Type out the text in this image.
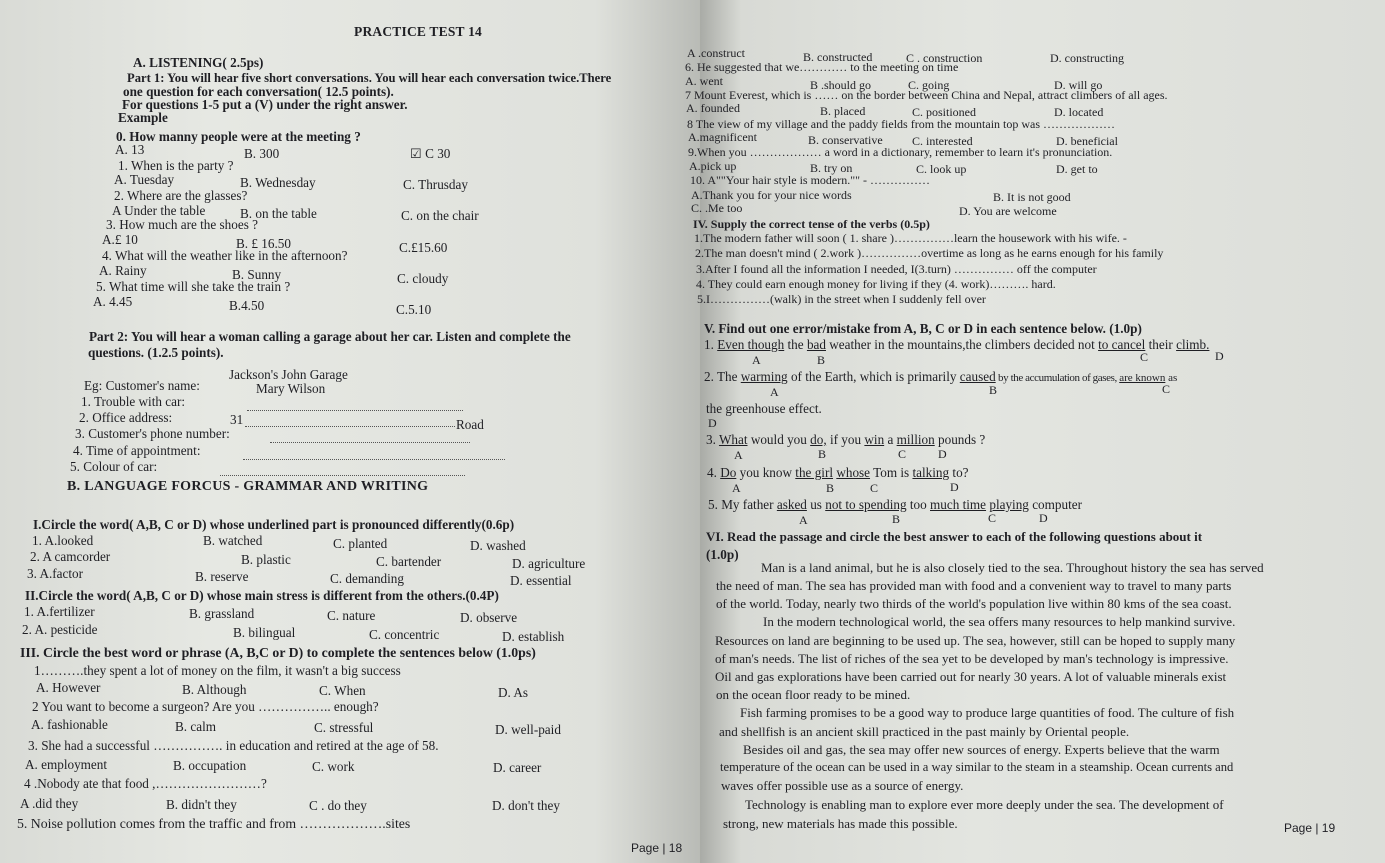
PRACTICE TEST 14
A. LISTENING( 2.5ps)
Part 1: You will hear five short conversations. You will hear each conversation twice.There
one question for each conversation( 12.5 points).
For questions 1-5 put a (V) under the right answer.
Example
0. How manny people were at the meeting ?
A. 13	B. 300	☑ C 30
1. When is the party ?
A. Tuesday	B. Wednesday	C. Thrusday
2. Where are the glasses?
A Under the table	B. on the table	C. on the chair
3. How much are the shoes ?
A.£ 10	B. £ 16.50	C.£15.60
4. What will the weather like in the afternoon?
A. Rainy	B. Sunny	C. cloudy
5. What time will she take the train ?
A. 4.45	B.4.50	C.5.10
Part 2: You will hear a woman calling a garage about her car. Listen and complete the
questions. (1.2.5 points).
Jackson's John Garage
Eg: Customer's name:	Mary Wilson
1. Trouble with car:
2. Office address:	31	Road
3. Customer's phone number:
4. Time of appointment:
5. Colour of car:
B. LANGUAGE FORCUS - GRAMMAR AND WRITING
I.Circle the word( A,B, C or D) whose underlined part is pronounced differently(0.6p)
1. A.looked	B. watched	C. planted	D. washed
2. A camcorder	B. plastic	C. bartender	D. agriculture
3. A.factor	B. reserve	C. demanding	D. essential
II.Circle the word( A,B, C or D) whose main stress is different from the others.(0.4P)
1. A.fertilizer	B. grassland	C. nature	D. observe
2. A. pesticide	B. bilingual	C. concentric	D. establish
III. Circle the best word or phrase (A, B,C or D) to complete the sentences below (1.0ps)
1……….they spent a lot of money on the film, it wasn't a big success
A. However	B. Although	C. When	D. As
2 You want to become a surgeon? Are you …………….. enough?
A. fashionable	B. calm	C. stressful	D. well-paid
3. She had a successful ……………. in education and retired at the age of 58.
A. employment	B. occupation	C. work	D. career
4 .Nobody ate that food ,……………………?
A .did they	B. didn't they	C . do they	D. don't they
5. Noise pollution comes from the traffic and from ……………….sites
Page | 18
A .construct	B. constructed	C . construction	D. constructing
6. He suggested that we………… to the meeting on time
A. went	B .should go	C. going	D. will go
7 Mount Everest, which is …… on the border between China and Nepal, attract climbers of all ages.
A. founded	B. placed	C. positioned	D. located
8 The view of my village and the paddy fields from the mountain top was ………………
A.magnificent	B. conservative C. interested	D. beneficial
9.When you ……………… a word in a dictionary, remember to learn it's pronunciation.
A.pick up	B. try on	C. look up	D. get to
10. A""Your hair style is modern."" - ……………
A.Thank you for your nice words	B. It is not good
C. .Me too	D. You are welcome
IV. Supply the correct tense of the verbs (0.5p)
1.The modern father will soon ( 1. share )……………learn the housework with his wife. -
2.The man doesn't mind ( 2.work )……………overtime as long as he earns enough for his family
3.After I found all the information I needed, I(3.turn) …………… off the computer
4. They could earn enough money for living if they (4. work)………. hard.
5.I……………(walk) in the street when I suddenly fell over
V. Find out one error/mistake from A, B, C or D in each sentence below. (1.0p)
1. Even though the bad weather in the mountains,the climbers decided not to cancel their climb.
A	B	C	D
2. The warming of the Earth, which is primarily caused by the accumulation of gases, are known as
A	B	C
the greenhouse effect.
D
3. What would you do, if you win a million pounds ?
A	B	C	D
4. Do you know the girl whose Tom is talking to?
A	B	C	D
5. My father asked us not to spending too much time playing computer
A	B	C	D
VI. Read the passage and circle the best answer to each of the following questions about it
(1.0p)
Man is a land animal, but he is also closely tied to the sea. Throughout history the sea has served
the need of man. The sea has provided man with food and a convenient way to travel to many parts
of the world. Today, nearly two thirds of the world's population live within 80 kms of the sea coast.
In the modern technological world, the sea offers many resources to help mankind survive.
Resources on land are beginning to be used up. The sea, however, still can be hoped to supply many
of man's needs. The list of riches of the sea yet to be developed by man's technology is impressive.
Oil and gas explorations have been carried out for nearly 30 years. A lot of valuable minerals exist
on the ocean floor ready to be mined.
Fish farming promises to be a good way to produce large quantities of food. The culture of fish
and shellfish is an ancient skill practiced in the past mainly by Oriental people.
Besides oil and gas, the sea may offer new sources of energy. Experts believe that the warm
temperature of the ocean can be used in a way similar to the steam in a steamship. Ocean currents and
waves offer possible use as a source of energy.
Technology is enabling man to explore ever more deeply under the sea. The development of
strong, new materials has made this possible.	Page | 19
